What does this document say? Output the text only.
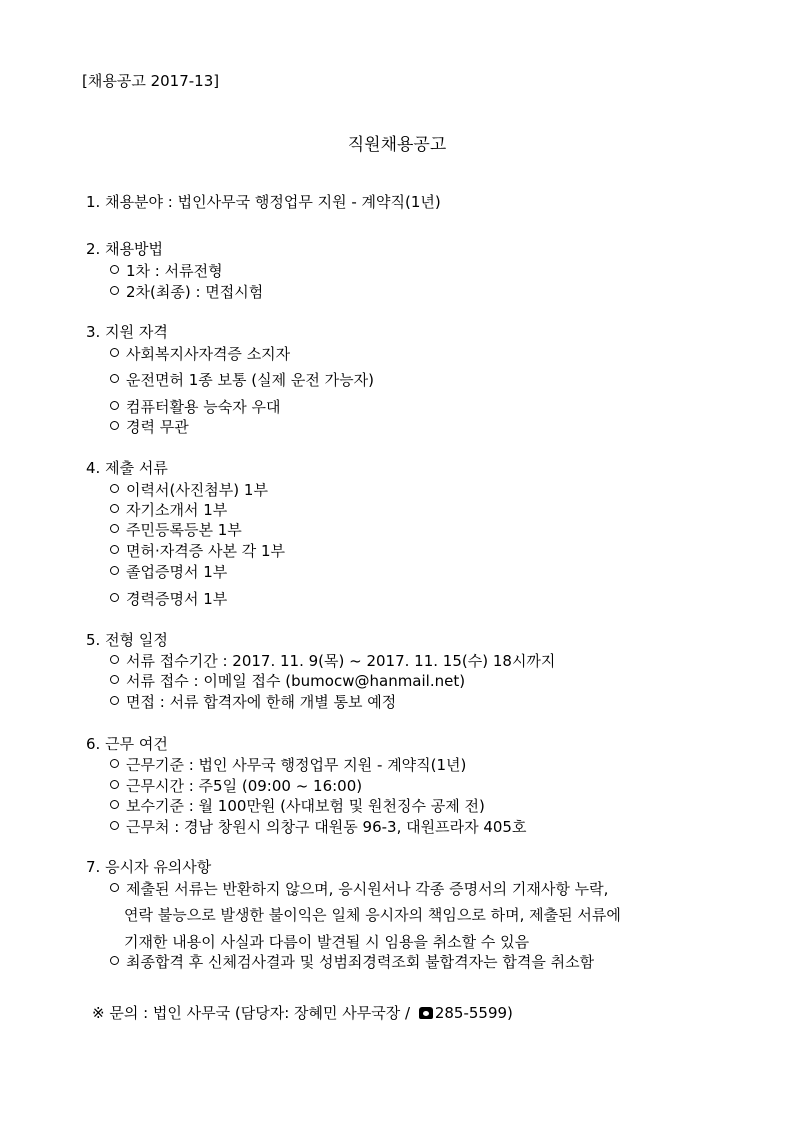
[채용공고 2017-13]
직원채용공고
1. 채용분야 : 법인사무국 행정업무 지원 - 계약직(1년)
2. 채용방법
1차 : 서류전형
2차(최종) : 면접시험
3. 지원 자격
사회복지사자격증 소지자
운전면허 1종 보통 (실제 운전 가능자)
컴퓨터활용 능숙자 우대
경력 무관
4. 제출 서류
이력서(사진첨부) 1부
자기소개서 1부
주민등록등본 1부
면허·자격증 사본 각 1부
졸업증명서 1부
경력증명서 1부
5. 전형 일정
서류 접수기간 : 2017. 11. 9(목) ~ 2017. 11. 15(수) 18시까지
서류 접수 : 이메일 접수 (bumocw@hanmail.net)
면접 : 서류 합격자에 한해 개별 통보 예정
6. 근무 여건
근무기준 : 법인 사무국 행정업무 지원 - 계약직(1년)
근무시간 : 주5일 (09:00 ~ 16:00)
보수기준 : 월 100만원 (사대보험 및 원천징수 공제 전)
근무처 : 경남 창원시 의창구 대원동 96-3, 대원프라자 405호
7. 응시자 유의사항
제출된 서류는 반환하지 않으며, 응시원서나 각종 증명서의 기재사항 누락,
연락 불능으로 발생한 불이익은 일체 응시자의 책임으로 하며, 제출된 서류에
기재한 내용이 사실과 다름이 발견될 시 임용을 취소할 수 있음
최종합격 후 신체검사결과 및 성범죄경력조회 불합격자는 합격을 취소함
※ 문의 : 법인 사무국 (담당자: 장혜민 사무국장 / 285-5599)
